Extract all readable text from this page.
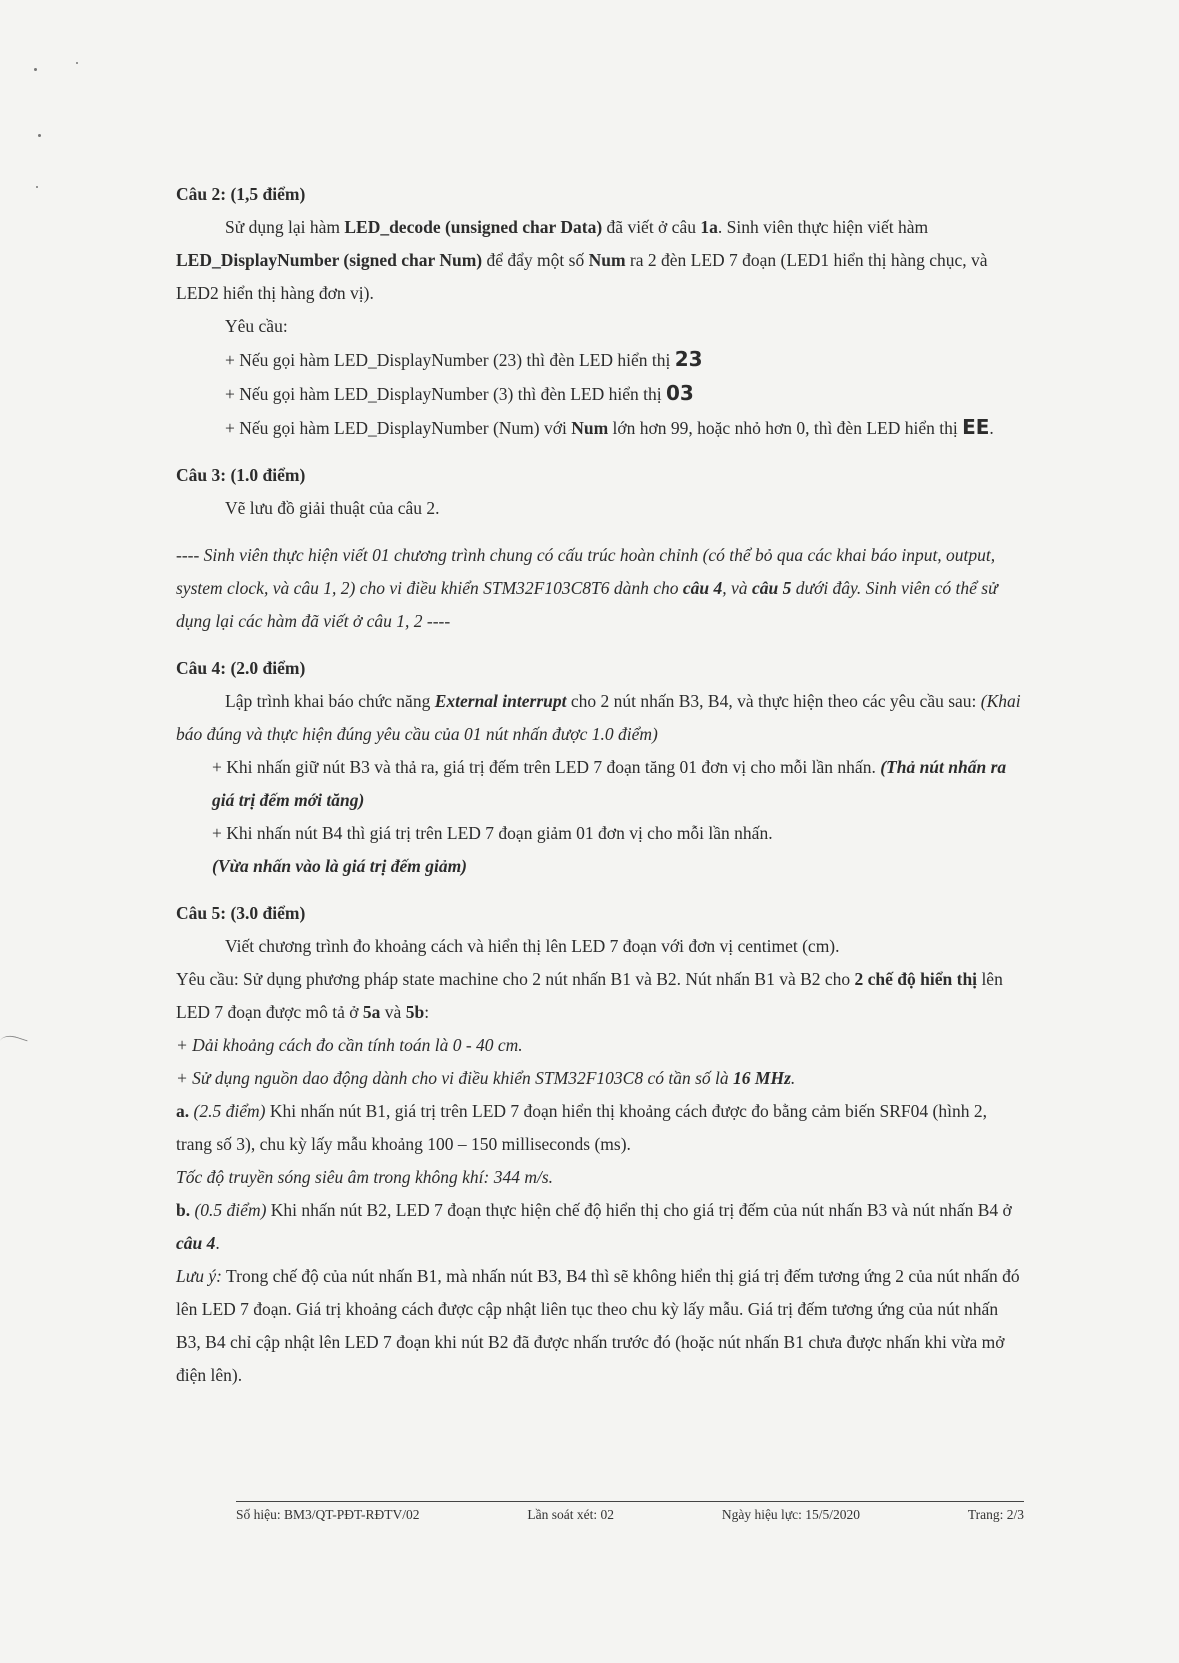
Câu 2: (1,5 điểm)

Sử dụng lại hàm LED_decode (unsigned char Data) đã viết ở câu 1a. Sinh viên thực hiện viết hàm LED_DisplayNumber (signed char Num) để đẩy một số Num ra 2 đèn LED 7 đoạn (LED1 hiển thị hàng chục, và LED2 hiển thị hàng đơn vị).

Yêu cầu:

+ Nếu gọi hàm LED_DisplayNumber (23) thì đèn LED hiển thị 23

+ Nếu gọi hàm LED_DisplayNumber (3) thì đèn LED hiển thị 03

+ Nếu gọi hàm LED_DisplayNumber (Num) với Num lớn hơn 99, hoặc nhỏ hơn 0, thì đèn LED hiển thị EE.

Câu 3: (1.0 điểm)

Vẽ lưu đồ giải thuật của câu 2.

---- Sinh viên thực hiện viết 01 chương trình chung có cấu trúc hoàn chỉnh (có thể bỏ qua các khai báo input, output, system clock, và câu 1, 2) cho vi điều khiển STM32F103C8T6 dành cho câu 4, và câu 5 dưới đây. Sinh viên có thể sử dụng lại các hàm đã viết ở câu 1, 2 ----

Câu 4: (2.0 điểm)

Lập trình khai báo chức năng External interrupt cho 2 nút nhấn B3, B4, và thực hiện theo các yêu cầu sau: (Khai báo đúng và thực hiện đúng yêu cầu của 01 nút nhấn được 1.0 điểm)

+ Khi nhấn giữ nút B3 và thả ra, giá trị đếm trên LED 7 đoạn tăng 01 đơn vị cho mỗi lần nhấn. (Thả nút nhấn ra giá trị đếm mới tăng)

+ Khi nhấn nút B4 thì giá trị trên LED 7 đoạn giảm 01 đơn vị cho mỗi lần nhấn.
(Vừa nhấn vào là giá trị đếm giảm)

Câu 5: (3.0 điểm)

Viết chương trình đo khoảng cách và hiển thị lên LED 7 đoạn với đơn vị centimet (cm).

Yêu cầu: Sử dụng phương pháp state machine cho 2 nút nhấn B1 và B2. Nút nhấn B1 và B2 cho 2 chế độ hiển thị lên LED 7 đoạn được mô tả ở 5a và 5b:

+ Dải khoảng cách đo cần tính toán là 0 - 40 cm.

+ Sử dụng nguồn dao động dành cho vi điều khiển STM32F103C8 có tần số là 16 MHz.

a. (2.5 điểm) Khi nhấn nút B1, giá trị trên LED 7 đoạn hiển thị khoảng cách được đo bằng cảm biến SRF04 (hình 2, trang số 3), chu kỳ lấy mẫu khoảng 100 – 150 milliseconds (ms).

Tốc độ truyền sóng siêu âm trong không khí: 344 m/s.

b. (0.5 điểm) Khi nhấn nút B2, LED 7 đoạn thực hiện chế độ hiển thị cho giá trị đếm của nút nhấn B3 và nút nhấn B4 ở câu 4.

Lưu ý: Trong chế độ của nút nhấn B1, mà nhấn nút B3, B4 thì sẽ không hiển thị giá trị đếm tương ứng 2 của nút nhấn đó lên LED 7 đoạn. Giá trị khoảng cách được cập nhật liên tục theo chu kỳ lấy mẫu. Giá trị đếm tương ứng của nút nhấn B3, B4 chỉ cập nhật lên LED 7 đoạn khi nút B2 đã được nhấn trước đó (hoặc nút nhấn B1 chưa được nhấn khi vừa mở điện lên).

Số hiệu: BM3/QT-PĐT-RĐTV/02	Lần soát xét: 02	Ngày hiệu lực: 15/5/2020	Trang: 2/3
